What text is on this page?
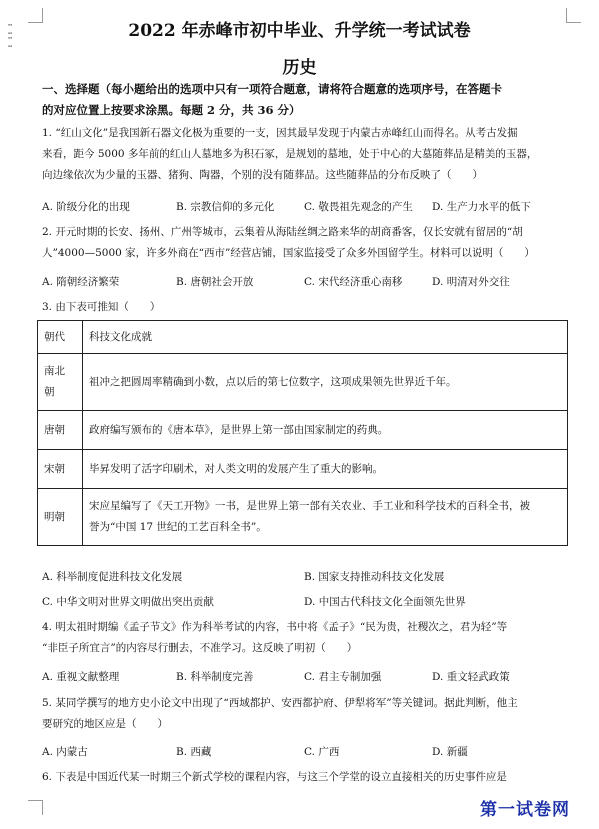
⁚⁚
⁚⁚
2022 年赤峰市初中毕业、升学统一考试试卷
历史
一、选择题（每小题给出的选项中只有一项符合题意，请将符合题意的选项序号，在答题卡
的对应位置上按要求涂黑。每题 2 分，共 36 分）
1. “红山文化”是我国新石器文化极为重要的一支，因其最早发现于内蒙古赤峰红山而得名。从考古发掘
来看，距今 5000 多年前的红山人墓地多为积石冢，是规划的墓地，处于中心的大墓随葬品是精美的玉器，
向边缘依次为少量的玉器、猪狗、陶器，个别的没有随葬品。这些随葬品的分布反映了（　　）
A. 阶级分化的出现	B. 宗教信仰的多元化	C. 敬畏祖先观念的产生 D. 生产力水平的低下
2. 开元时期的长安、扬州、广州等城市，云集着从海陆丝绸之路来华的胡商番客，仅长安就有留居的“胡
人”4000—5000 家，许多外商在“西市”经营店铺，国家监接受了众多外国留学生。材料可以说明（　　）
A. 隋朝经济繁荣	B. 唐朝社会开放	C. 宋代经济重心南移	D. 明清对外交往
3. 由下表可推知（　　）
朝代	科技文化成就

南北
朝	祖冲之把圆周率精确到小数，点以后的第七位数字，这项成果领先世界近千年。
唐朝	政府编写颁布的《唐本草》，是世界上第一部由国家制定的药典。
宋朝	毕昇发明了活字印刷术，对人类文明的发展产生了重大的影响。
明朝	宋应星编写了《天工开物》一书，是世界上第一部有关农业、手工业和科学技术的百科全书，被
誉为“中国 17 世纪的工艺百科全书”。
A. 科举制度促进科技文化发展	B. 国家支持推动科技文化发展
C. 中华文明对世界文明做出突出贡献	D. 中国古代科技文化全面领先世界
4. 明太祖时期编《孟子节文》作为科举考试的内容，书中将《孟子》“民为贵，社稷次之，君为轻”等
“非臣子所宜言”的内容尽行删去，不准学习。这反映了明初（　　）
A. 重视文献整理	B. 科举制度完善	C. 君主专制加强	D. 重文轻武政策
5. 某同学撰写的地方史小论文中出现了“西域都护、安西都护府、伊犁将军”等关键词。据此判断，他主
要研究的地区应是（　　）
A. 内蒙古	B. 西藏	C. 广西	D. 新疆
6. 下表是中国近代某一时期三个新式学校的课程内容，与这三个学堂的设立直接相关的历史事件应是
第一试卷网
